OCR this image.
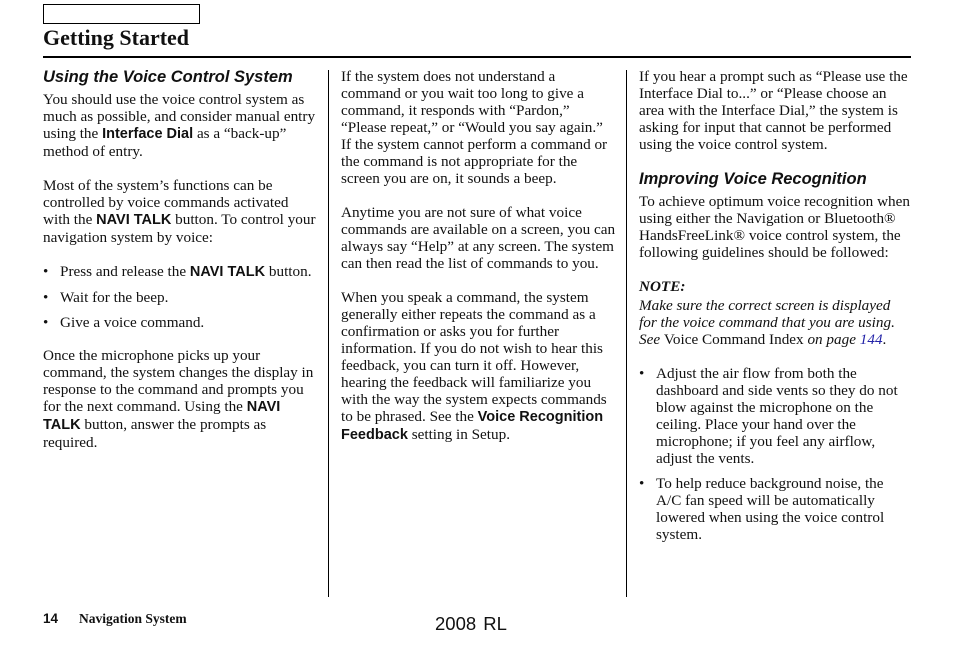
Getting Started
Using the Voice Control System

You should use the voice control system as much as possible, and consider manual entry using the Interface Dial as a “back-up” method of entry.

Most of the system’s functions can be controlled by voice commands activated with the NAVI TALK button. To control your navigation system by voice:

• Press and release the NAVI TALK button.
• Wait for the beep.
• Give a voice command.

Once the microphone picks up your command, the system changes the display in response to the command and prompts you for the next command. Using the NAVI TALK button, answer the prompts as required.

If the system does not understand a command or you wait too long to give a command, it responds with “Pardon,” “Please repeat,” or “Would you say again.” If the system cannot perform a command or the command is not appropriate for the screen you are on, it sounds a beep.

Anytime you are not sure of what voice commands are available on a screen, you can always say “Help” at any screen. The system can then read the list of commands to you.

When you speak a command, the system generally either repeats the command as a confirmation or asks you for further information. If you do not wish to hear this feedback, you can turn it off. However, hearing the feedback will familiarize you with the way the system expects commands to be phrased. See the Voice Recognition Feedback setting in Setup.

If you hear a prompt such as “Please use the Interface Dial to...” or “Please choose an area with the Interface Dial,” the system is asking for input that cannot be performed using the voice control system.

Improving Voice Recognition

To achieve optimum voice recognition when using either the Navigation or Bluetooth® HandsFreeLink® voice control system, the following guidelines should be followed:

NOTE:

Make sure the correct screen is displayed for the voice command that you are using. See Voice Command Index on page 144.

• Adjust the air flow from both the dashboard and side vents so they do not blow against the microphone on the ceiling. Place your hand over the microphone; if you feel any airflow, adjust the vents.
• To help reduce background noise, the A/C fan speed will be automatically lowered when using the voice control system.
14 Navigation System	2008 RL
